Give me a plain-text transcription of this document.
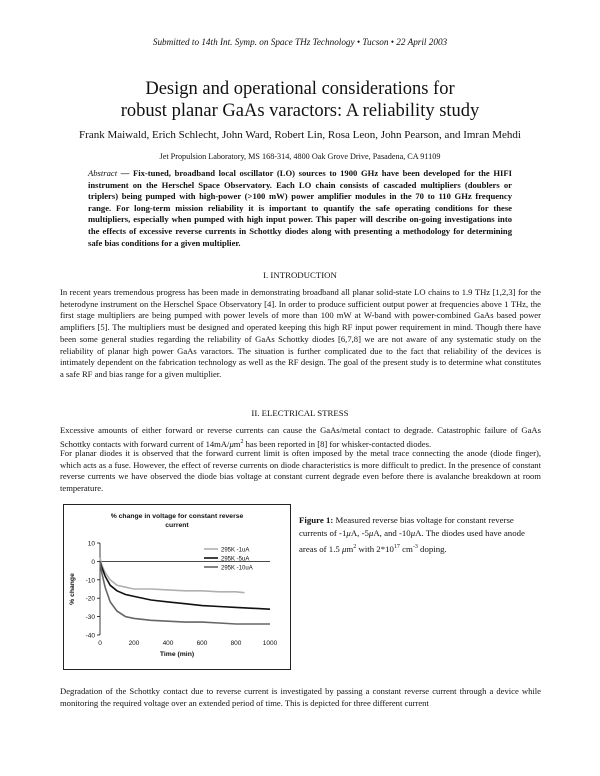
Submitted to 14th Int. Symp. on Space THz Technology • Tucson • 22 April 2003
Design and operational considerations for
robust planar GaAs varactors: A reliability study
Frank Maiwald, Erich Schlecht, John Ward, Robert Lin, Rosa Leon, John Pearson, and Imran Mehdi
Jet Propulsion Laboratory, MS 168-314, 4800 Oak Grove Drive, Pasadena, CA 91109
Abstract — Fix-tuned, broadband local oscillator (LO) sources to 1900 GHz have been developed for the HIFI instrument on the Herschel Space Observatory. Each LO chain consists of cascaded multipliers (doublers or triplers) being pumped with high-power (>100 mW) power amplifier modules in the 70 to 110 GHz frequency range. For long-term mission reliability it is important to quantify the safe operating conditions for these multipliers, especially when pumped with high input power. This paper will describe on-going investigations into the effects of excessive reverse currents in Schottky diodes along with presenting a methodology for determining safe bias conditions for a given multiplier.
I. INTRODUCTION
In recent years tremendous progress has been made in demonstrating broadband all planar solid-state LO chains to 1.9 THz [1,2,3] for the heterodyne instrument on the Herschel Space Observatory [4]. In order to produce sufficient output power at frequencies above 1 THz, the first stage multipliers are being pumped with power levels of more than 100 mW at W-band with power-combined GaAs based power amplifiers [5]. The multipliers must be designed and operated keeping this high RF input power requirement in mind. Though there have been some general studies regarding the reliability of GaAs Schottky diodes [6,7,8] we are not aware of any systematic study on the reliability of planar high power GaAs varactors. The situation is further complicated due to the fact that reliability of the devices is intimately dependent on the fabrication technology as well as the RF design. The goal of the present study is to determine what constitutes a safe RF and bias range for a given multiplier.
II. ELECTRICAL STRESS
Excessive amounts of either forward or reverse currents can cause the GaAs/metal contact to degrade. Catastrophic failure of GaAs Schottky contacts with forward current of $14mA/\mu m^2$ has been reported in [8] for whisker-contacted diodes.
For planar diodes it is observed that the forward current limit is often imposed by the metal trace connecting the anode (diode finger), which acts as a fuse. However, the effect of reverse currents on diode characteristics is more difficult to predict. In the presence of constant reverse currents we have observed the diode bias voltage at constant current degrade even before there is avalanche breakdown at room temperature.
% change in voltage for constant reverse
current
10
0
-10
-20
-30
-40
0	200	400	600	800	1000
Time (min)
% change
295K -1uA
295K -5uA
295K -10uA
Figure 1: Measured reverse bias voltage for constant reverse currents of -1μA, -5μA, and -10μA. The diodes used have anode areas of 1.5 $\mu m^2$ with $2*10^{17}$ $cm^{-3}$ doping.
Degradation of the Schottky contact due to reverse current is investigated by passing a constant reverse current through a device while monitoring the required voltage over an extended period of time. This is depicted for three different current
